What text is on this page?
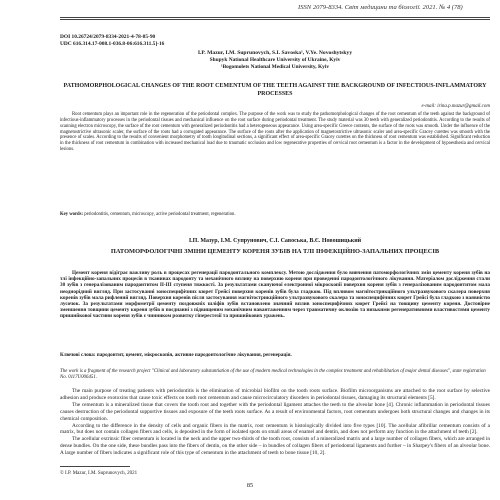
ISSN 2079-8334. Світ медицини та біології. 2021. № 4 (78)
DOI 10.26724/2079-8334-2021-4-78-85-90
UDC 616.314.17-008.1-036.8-06:616.311.5]-16
I.P. Mazur, I.M. Suprunovych, S.I. Savoska¹, V.Ye. Novoshytskyy
Shupyk National Healthcare University of Ukraine, Kyiv
¹Bogomolets National Medical University, Kyiv
PATHOMORPHOLOGICAL CHANGES OF THE ROOT CEMENTUM OF THE TEETH AGAINST THE BACKGROUND OF INFECTIOUS-INFLAMMATORY PROCESSES
e-mail: irina.p.mazur@gmail.com
Root cementum plays an important role in the regeneration of the periodontal complex. The purpose of the work was to study the pathomorphological changes of the root cementum of the teeth against the background of infectious-inflammatory processes in the periodontal tissues and mechanical influence on the root surface during periodontal treatment. The study material was 30 teeth with generalized periodontitis. According to the results of scanning electron microscopy, the surface of the root cementum with generalized periodontitis had a heterogeneous appearance. Using area-specific Greece contents, the surface of the roots was smooth. Under the influence of the magnetostrictive ultrasonic scaler, the surface of the roots had a corrugated appearance. The surface of the roots after the application of magnetostrictive ultrasonic scaler and area-specific Gracey curettes was smooth with the presence of scales. According to the results of convenient morphometry of tooth longitudinal sections, a significant effect of area-specific Gracey curettes on the thickness of root cementum was established. Significant reduction in the thickness of root cementum in combination with increased mechanical load due to traumatic occlusion and low regenerative properties of cervical root cementum is a factor in the development of hypoesthesia and cervical lesions.
Key words: periodontitis, cementum, microscopy, active periodontal treatment, regeneration.
І.П. Мазур, І.М. Супрунович, С.І. Савоська, В.Є. Новошицький
ПАТОМОРФОЛОГІЧНІ ЗМІНИ ЦЕМЕНТУ КОРЕНЯ ЗУБІВ НА ТЛІ ІНФЕКЦІЙНО-ЗАПАЛЬНИХ ПРОЦЕСІВ
Цемент кореня відіграє важливу роль в процесах регенерації пародонтального комплексу. Метою дослідження було вивчення патоморфологічних змін цементу кореня зубів на тлі інфекційно-запальних процесів в тканинах пародонту та механічного впливу на поверхню кореня при проведенні пародонтологічного лікування. Матеріалом дослідження стали 30 зубів з генералізованим пародонтитом ІІ-ІІІ ступеня тяжкості. За результатами скануючої електронної мікроскопії поверхня кореня зубів з генералізованим пародонтитом мала неоднорідний вигляд. При застосуванні зоноспецифічних кюрет Грейсі поверхня коренів зубів була гладкою. Під впливом магнітострикційного ультразвукового скалера поверхня коренів зубів мала рифлений вигляд. Поверхня коренів після застосування магнітострикційного ультразвукового скалера та зоноспецифічних кюрет Грейсі була гладкою з наявністю лусочок. За результатами морфометрії цементу поздовжніх шліфів зубів встановлено значний вплив зоноспецифічних кюрет Грейсі на товщину цементу кореня. Достовірне зменшення товщини цементу кореня зубів в поєднанні з підвищеним механічним навантаженням через травматичну оклюзію та низькими регенеративними властивостями цементу пришийкової частини кореня зубів є чинником розвитку гіперестезії та пришийкових уражень.
Ключові слова: пародонтит, цемент, мікроскопія, активне пародонтологічне лікування, регенерація.
The work is a fragment of the research project "Clinical and laboratory substantiation of the use of modern medical technologies in the complex treatment and rehabilitation of major dental diseases", state registration No. 0117U006451.

The main purpose of treating patients with periodontitis is the elimination of microbial biofilm on the tooth roots surface. Biofilm microorganisms are attached to the root surface by selective adhesion and produce exotoxins that cause toxic effects on tooth root cementum and cause microcirculatory disorders in periodontal tissues, damaging its structural elements [5].

The cementum is a mineralized tissue that covers the tooth root and together with the periodontal ligament attaches the teeth to the alveolar bone [4]. Chronic inflammation in periodontal tissues causes destruction of the periodontal supportive tissues and exposure of the teeth roots surface. As a result of environmental factors, root cementum undergoes both structural changes and changes in its chemical composition.

According to the difference in the density of cells and organic fibers in the matrix, root cementum is histologically divided into five types [10]. The acellular afibrillar cementum consists of a matrix, but does not contain collagen fibers and cells, is deposited in the form of isolated spots on small areas of enamel and dentin, and does not perform any function in the attachment of teeth [2].

The acellular extrinsic fiber cementum is located in the neck and the upper two-thirds of the tooth root, consists of a mineralized matrix and a large number of collagen fibers, which are arranged in dense bundles. On the one side, these bundles pass into the fibers of dentin, on the other side – in bundles of collagen fibers of periodontal ligaments and further – in Sharpey's fibers of an alveolar bone. A large number of fibers indicates a significant role of this type of cementum in the attachment of teeth to bone tissue [10, 2].

© I.P. Mazur, I.M. Suprunovych, 2021
85
